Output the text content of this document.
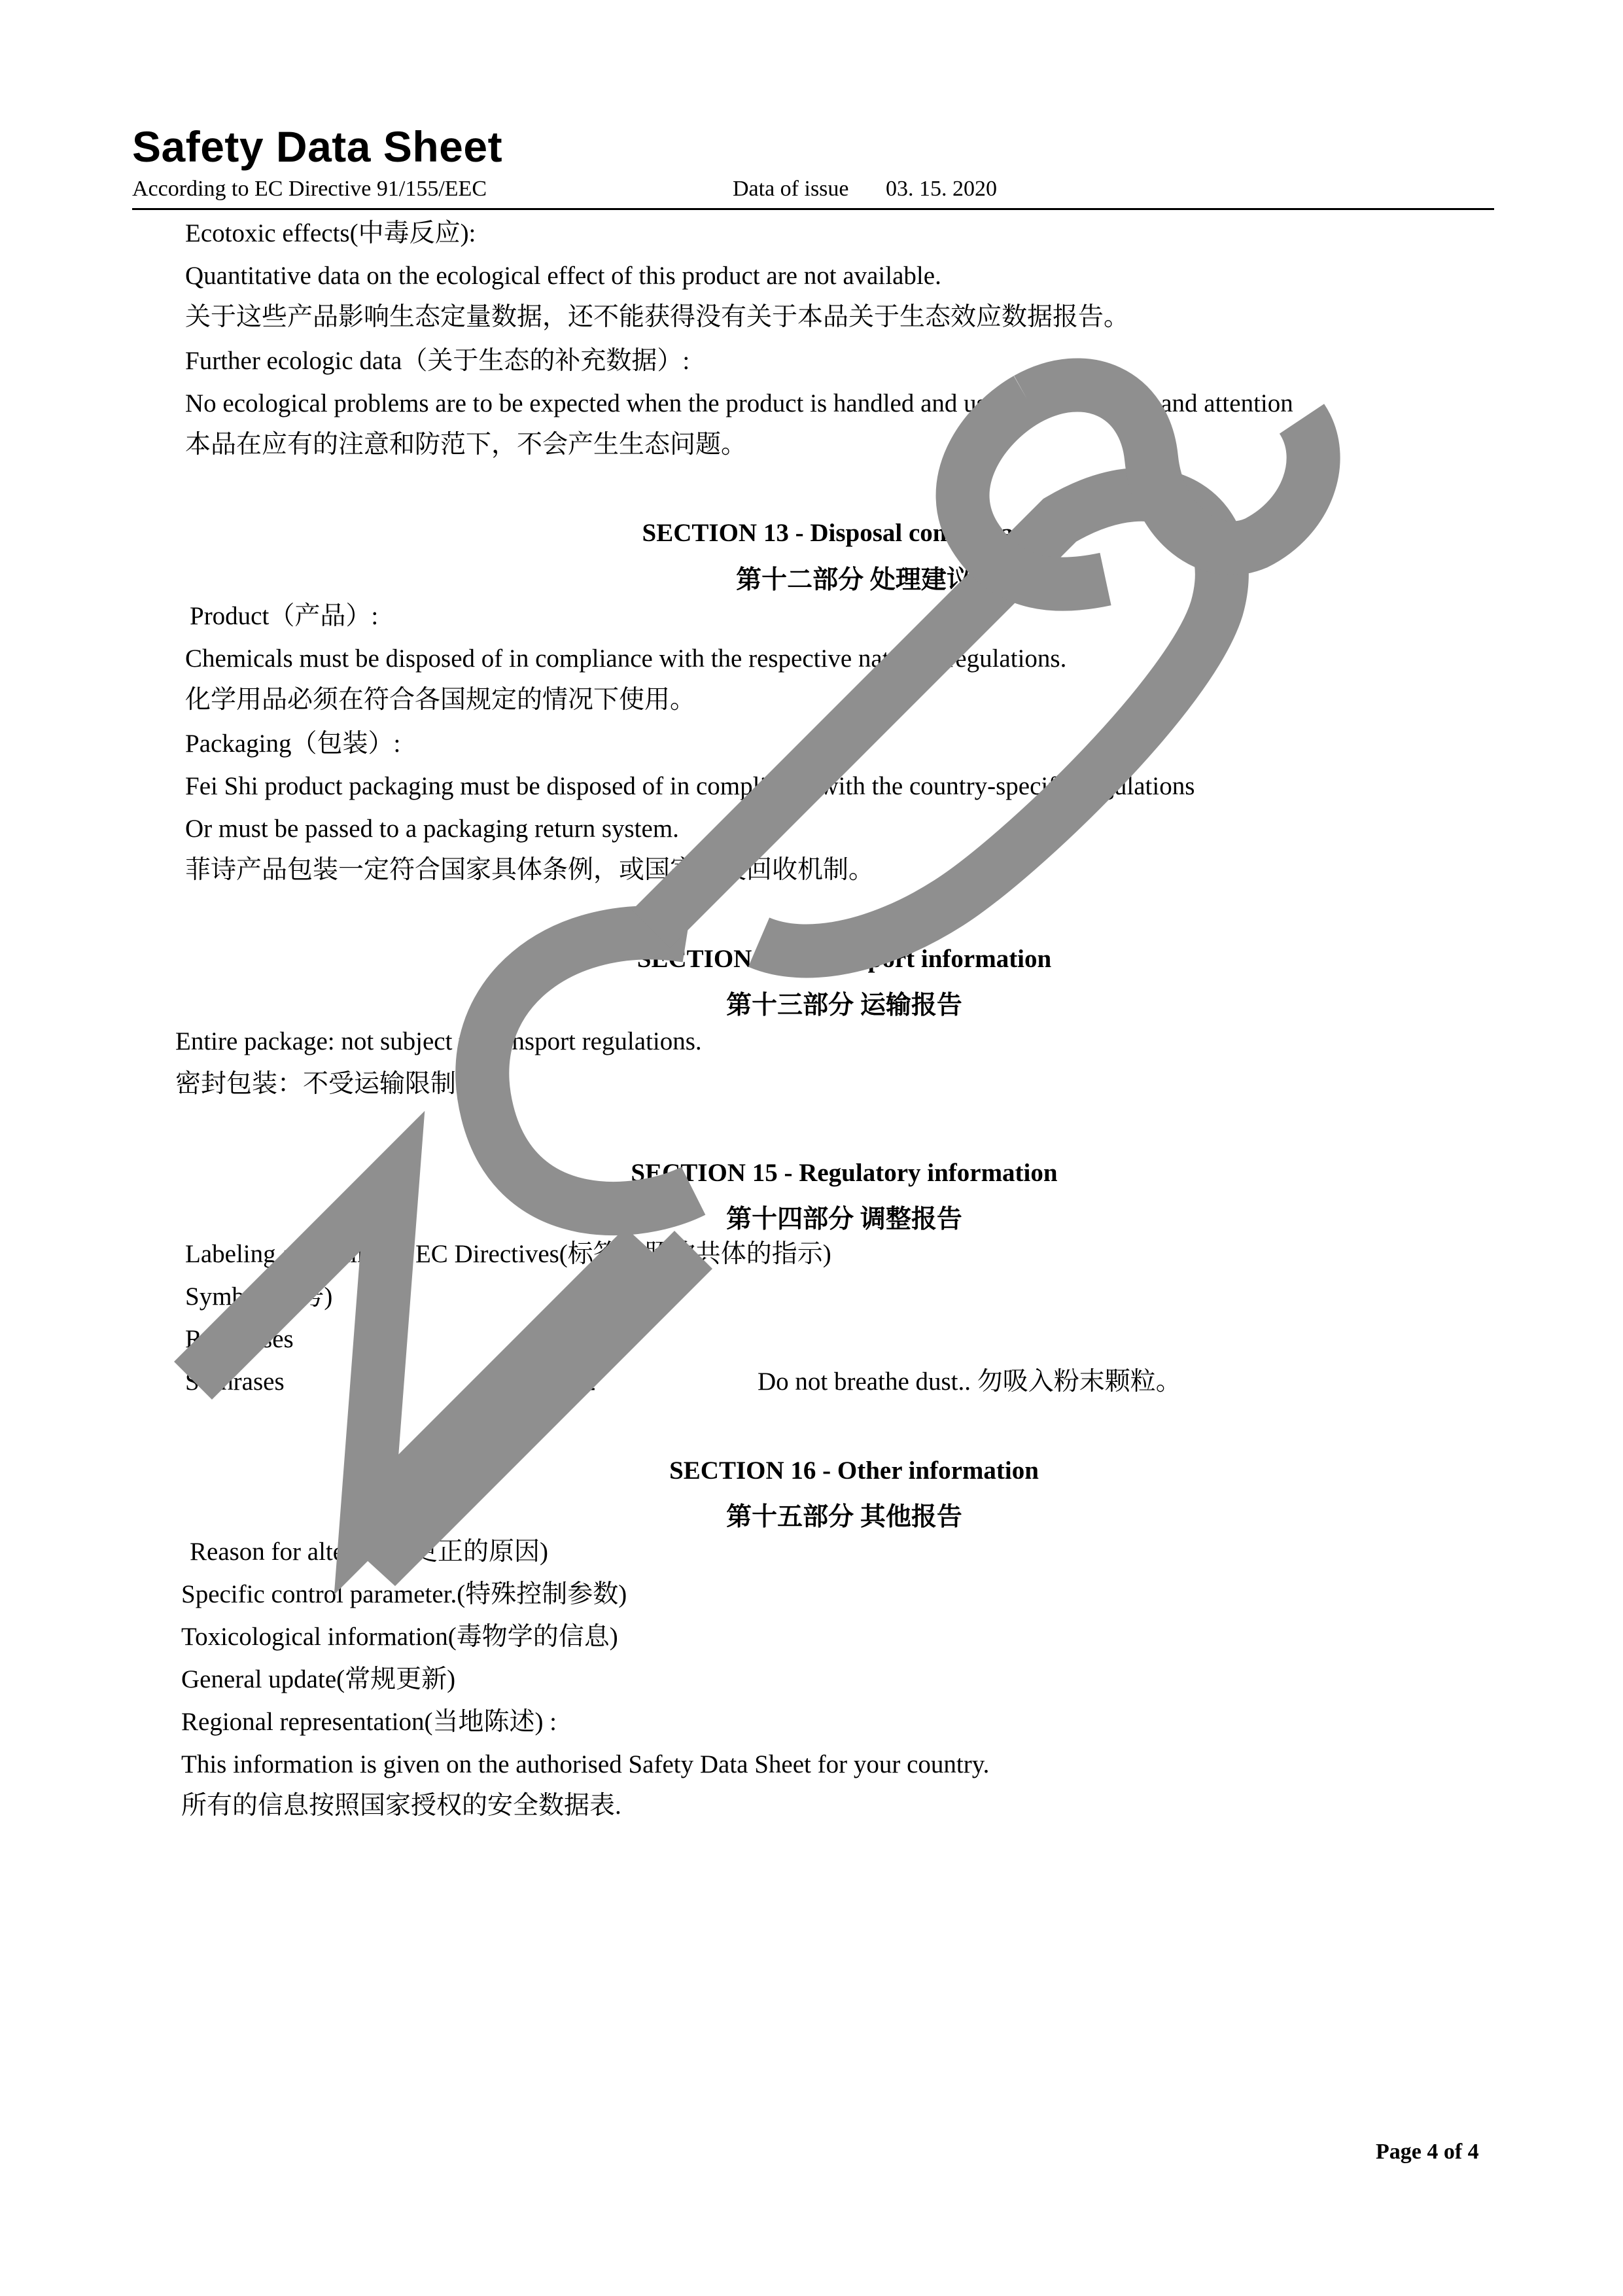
Safety Data Sheet
According to EC Directive 91/155/EEC	Data of issue 03. 15. 2020
Ecotoxic effects(中毒反应):
Quantitative data on the ecological effect of this product are not available.
关于这些产品影响生态定量数据，还不能获得没有关于本品关于生态效应数据报告。
Further ecologic data（关于生态的补充数据）:
No ecological problems are to be expected when the product is handled and used with due care and attention
本品在应有的注意和防范下，不会产生生态问题。
SECTION 13 - Disposal considerations
第十二部分 处理建议
Product（产品）:
Chemicals must be disposed of in compliance with the respective national regulations.
化学用品必须在符合各国规定的情况下使用。
Packaging（包装）:
Fei Shi product packaging must be disposed of in compliance with the country-specific regulations
Or must be passed to a packaging return system.
菲诗产品包装一定符合国家具体条例，或国家包装回收机制。
SECTION 14 - Transport information
第十三部分 运输报告
Entire package: not subject to transport regulations.
密封包装：不受运输限制。
SECTION 15 - Regulatory information
第十四部分 调整报告
Labeling according to EC Directives(标签按照欧共体的指示)
Symbol(符号)	---
R- phrases	---
S-phrases	22	Do not breathe dust.. 勿吸入粉末颗粒。
SECTION 16 - Other information
第十五部分 其他报告
Reason for alteration(更正的原因)
Specific control parameter.(特殊控制参数)
Toxicological information(毒物学的信息)
General update(常规更新)
Regional representation(当地陈述) :
This information is given on the authorised Safety Data Sheet for your country.
所有的信息按照国家授权的安全数据表.
Page 4 of 4
